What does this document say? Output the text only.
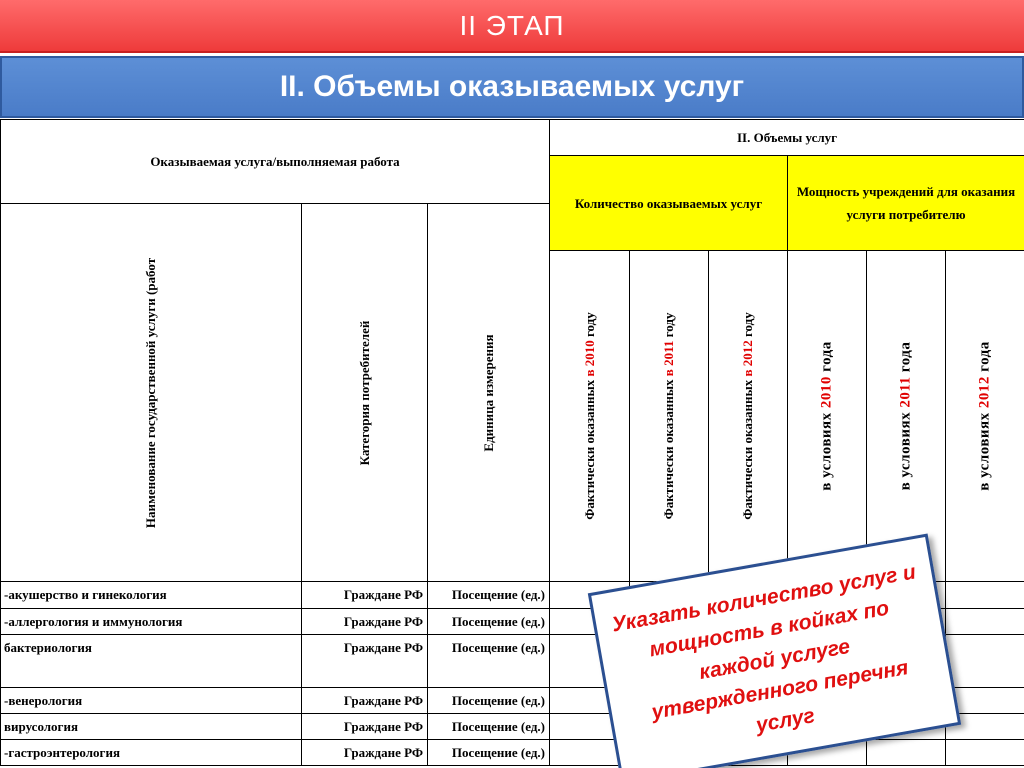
II ЭТАП
II. Объемы оказываемых услуг
Оказываемая услуга/выполняемая работа			II. Объемы услуг					
			Количество оказываемых услуг			Мощность учреждений для оказания услуги потребителю		

Наименование государственной услуги (работ	Категория потребителей	Единица измерения						

			Фактически оказанных в 2010 году	Фактически оказанных в 2011 году	Фактически оказанных в 2012 году	в условиях 2010 года	в условиях 2011 года	в условиях 2012 года

-акушерство и гинекология	Граждане РФ	Посещение (ед.)						
-аллергология и иммунология	Граждане РФ	Посещение (ед.)						
бактериология	Граждане РФ	Посещение (ед.)						
-венерология	Граждане РФ	Посещение (ед.)						
вирусология	Граждане РФ	Посещение (ед.)						
-гастроэнтерология	Граждане РФ	Посещение (ед.)						
Указать количество услуг и мощность в койках по каждой услуге утвержденного перечня услуг
